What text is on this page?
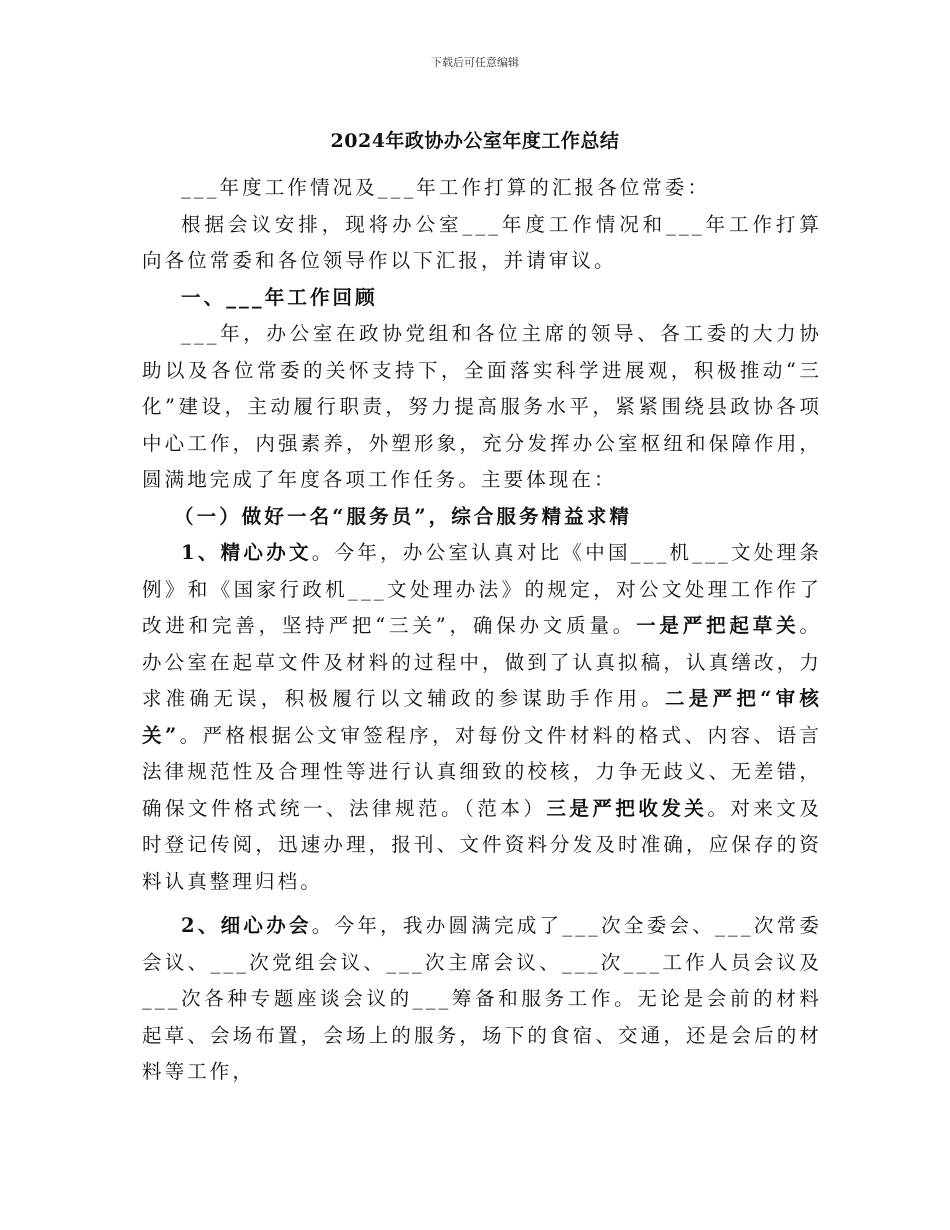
下载后可任意编辑
2024年政协办公室年度工作总结

___年度工作情况及___年工作打算的汇报各位常委：

根据会议安排，现将办公室___年度工作情况和___年工作打算向各位常委和各位领导作以下汇报，并请审议。

一、___年工作回顾

___年，办公室在政协党组和各位主席的领导、各工委的大力协助以及各位常委的关怀支持下，全面落实科学进展观，积极推动“三化”建设，主动履行职责，努力提高服务水平，紧紧围绕县政协各项中心工作，内强素养，外塑形象，充分发挥办公室枢纽和保障作用，圆满地完成了年度各项工作任务。主要体现在：

（一）做好一名“服务员”，综合服务精益求精

1、精心办文。今年，办公室认真对比《中国___机___文处理条例》和《国家行政机___文处理办法》的规定，对公文处理工作作了改进和完善，坚持严把“三关”，确保办文质量。一是严把起草关。办公室在起草文件及材料的过程中，做到了认真拟稿，认真缮改，力求准确无误，积极履行以文辅政的参谋助手作用。二是严把“审核关”。严格根据公文审签程序，对每份文件材料的格式、内容、语言法律规范性及合理性等进行认真细致的校核，力争无歧义、无差错，确保文件格式统一、法律规范。（范本）三是严把收发关。对来文及时登记传阅，迅速办理，报刊、文件资料分发及时准确，应保存的资料认真整理归档。

2、细心办会。今年，我办圆满完成了___次全委会、___次常委会议、___次党组会议、___次主席会议、___次___工作人员会议及___次各种专题座谈会议的___筹备和服务工作。无论是会前的材料起草、会场布置，会场上的服务，场下的食宿、交通，还是会后的材料等工作，
